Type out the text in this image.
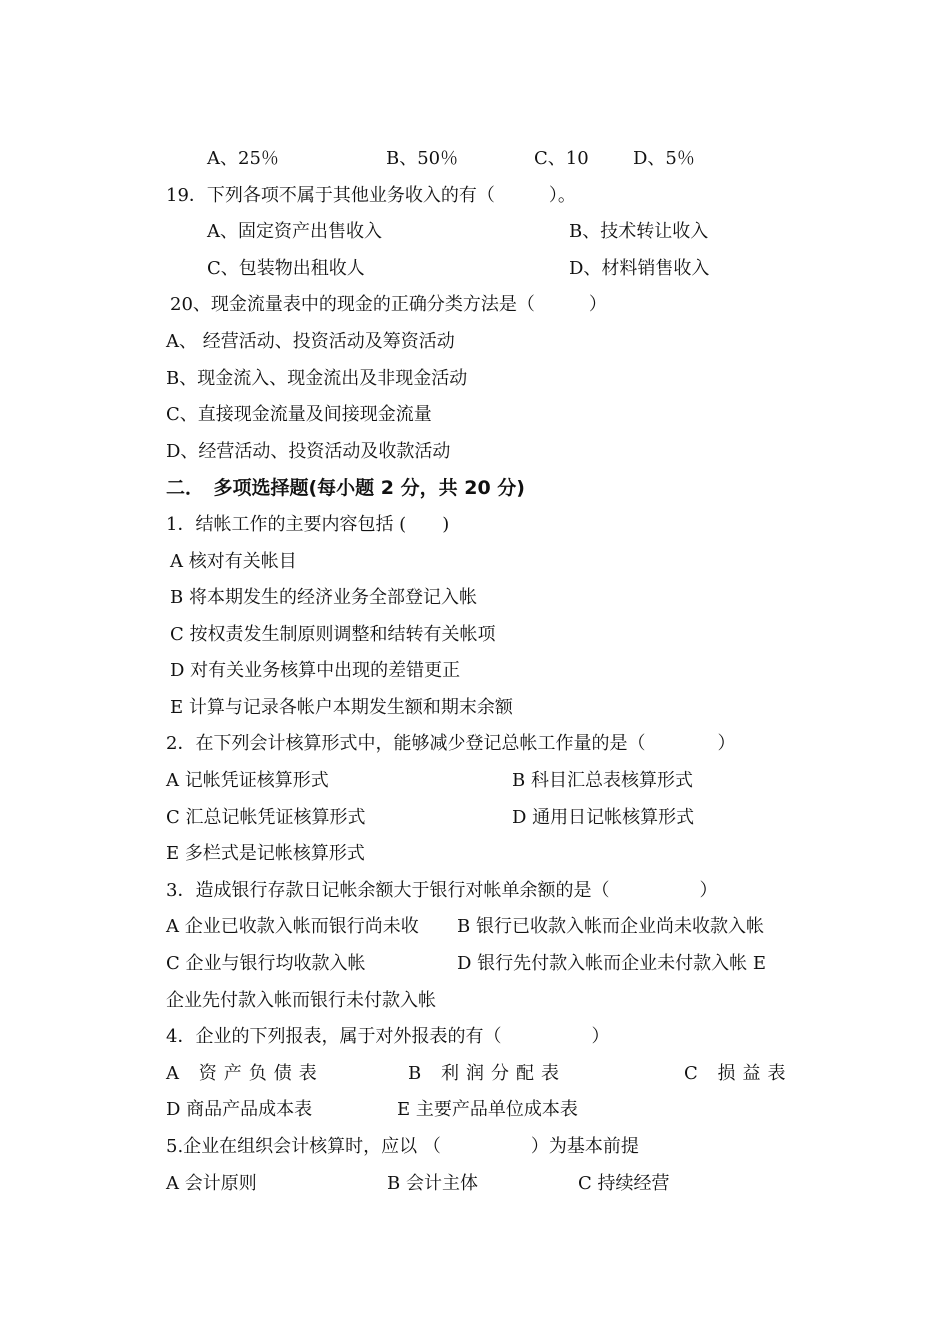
A、25％	B、50％	C、10 D、5％
19．下列各项不属于其他业务收入的有（　　　）。
A、固定资产出售收入	B、技术转让收入
C、包装物出租收人	D、材料销售收入
20、现金流量表中的现金的正确分类方法是（　　　）
A、 经营活动、投资活动及筹资活动
B、现金流入、现金流出及非现金活动
C、直接现金流量及间接现金流量
D、经营活动、投资活动及收款活动
二．　多项选择题(每小题 2 分，共 20 分)
1．结帐工作的主要内容包括 (　　)
A 核对有关帐目
B 将本期发生的经济业务全部登记入帐
C 按权责发生制原则调整和结转有关帐项
D 对有关业务核算中出现的差错更正
E 计算与记录各帐户本期发生额和期末余额
2．在下列会计核算形式中，能够减少登记总帐工作量的是（　　　　）
A 记帐凭证核算形式	B 科目汇总表核算形式
C 汇总记帐凭证核算形式	D 通用日记帐核算形式
E 多栏式是记帐核算形式
3．造成银行存款日记帐余额大于银行对帐单余额的是（　　　　　）
A 企业已收款入帐而银行尚未收 B 银行已收款入帐而企业尚未收款入帐
C 企业与银行均收款入帐	D 银行先付款入帐而企业未付款入帐 E
企业先付款入帐而银行未付款入帐
4．企业的下列报表，属于对外报表的有（　　　　　）
A 资产负债表	B 利润分配表	C 损益表
D 商品产品成本表	E 主要产品单位成本表
5.企业在组织会计核算时，应以 （　　　　　）为基本前提
A 会计原则	B 会计主体	C 持续经营
